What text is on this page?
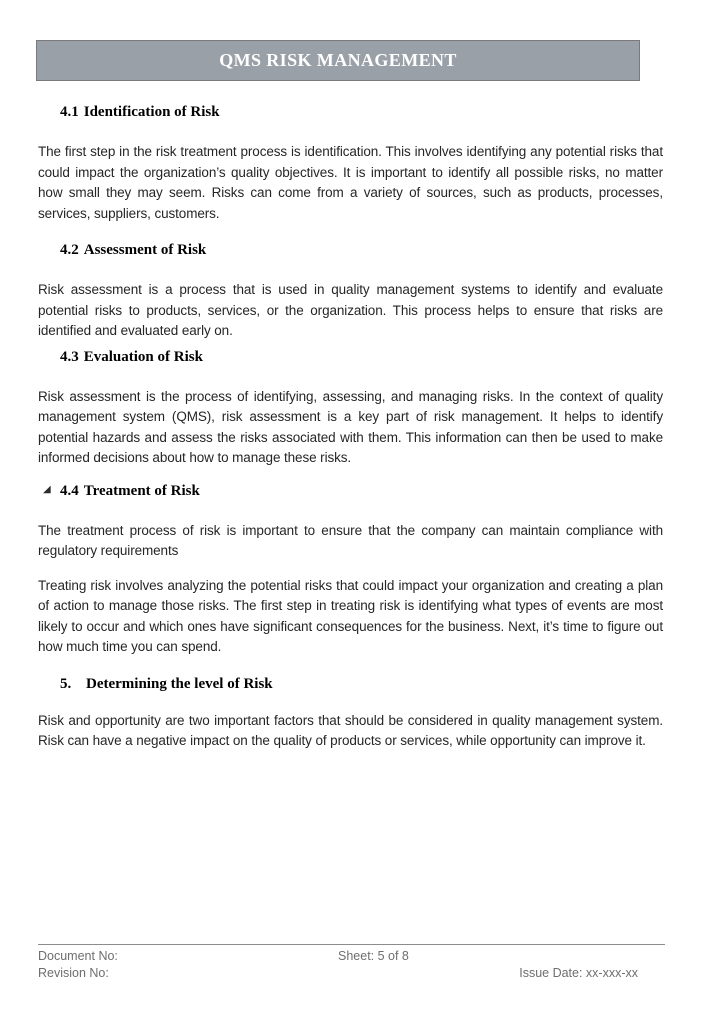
QMS RISK MANAGEMENT
4.1 Identification of Risk

The first step in the risk treatment process is identification. This involves identifying any potential risks that could impact the organization’s quality objectives. It is important to identify all possible risks, no matter how small they may seem. Risks can come from a variety of sources, such as products, processes, services, suppliers, customers.

4.2 Assessment of Risk

Risk assessment is a process that is used in quality management systems to identify and evaluate potential risks to products, services, or the organization. This process helps to ensure that risks are identified and evaluated early on.

4.3 Evaluation of Risk

Risk assessment is the process of identifying, assessing, and managing risks. In the context of quality management system (QMS), risk assessment is a key part of risk management. It helps to identify potential hazards and assess the risks associated with them. This information can then be used to make informed decisions about how to manage these risks.

◢ 4.4 Treatment of Risk

The treatment process of risk is important to ensure that the company can maintain compliance with regulatory requirements

Treating risk involves analyzing the potential risks that could impact your organization and creating a plan of action to manage those risks. The first step in treating risk is identifying what types of events are most likely to occur and which ones have significant consequences for the business. Next, it’s time to figure out how much time you can spend.

5. Determining the level of Risk

Risk and opportunity are two important factors that should be considered in quality management system. Risk can have a negative impact on the quality of products or services, while opportunity can improve it.

Document No:	Sheet: 5 of 8
Revision No:	Issue Date: xx-xxx-xx
